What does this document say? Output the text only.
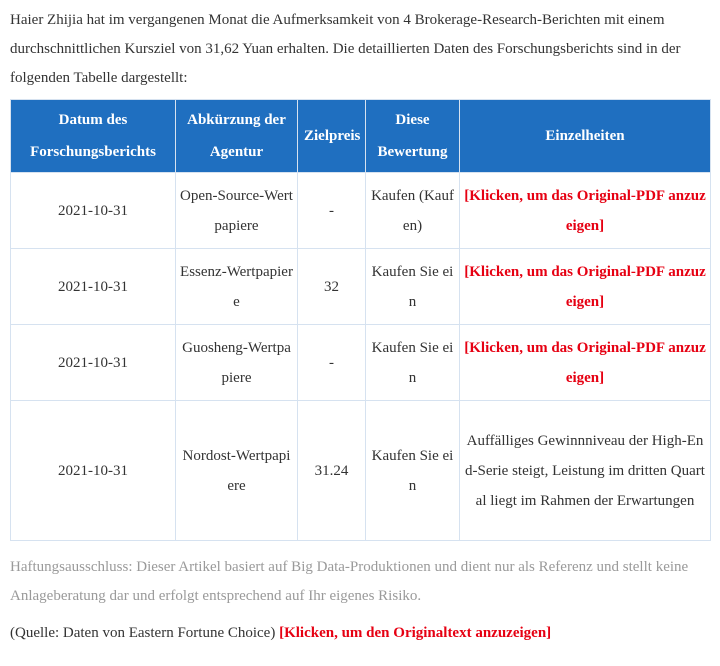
Haier Zhijia hat im vergangenen Monat die Aufmerksamkeit von 4 Brokerage-Research-Berichten mit einem durchschnittlichen Kursziel von 31,62 Yuan erhalten. Die detaillierten Daten des Forschungsberichts sind in der folgenden Tabelle dargestellt:

Datum des Forschungsberichts	Abkürzung der Agentur	Zielpreis	Diese Bewertung	Einzelheiten
2021-10-31	Open-Source-Wertpapiere	-	Kaufen (Kaufen)	[Klicken, um das Original-PDF anzuzeigen]
2021-10-31	Essenz-Wertpapiere	32	Kaufen Sie ein	[Klicken, um das Original-PDF anzuzeigen]
2021-10-31	Guosheng-Wertpapiere	-	Kaufen Sie ein	[Klicken, um das Original-PDF anzuzeigen]
2021-10-31	Nordost-Wertpapiere	31.24	Kaufen Sie ein	Auffälliges Gewinnniveau der High-End-Serie steigt, Leistung im dritten Quartal liegt im Rahmen der Erwartungen

Haftungsausschluss: Dieser Artikel basiert auf Big Data-Produktionen und dient nur als Referenz und stellt keine Anlageberatung dar und erfolgt entsprechend auf Ihr eigenes Risiko.

(Quelle: Daten von Eastern Fortune Choice) [Klicken, um den Originaltext anzuzeigen]
